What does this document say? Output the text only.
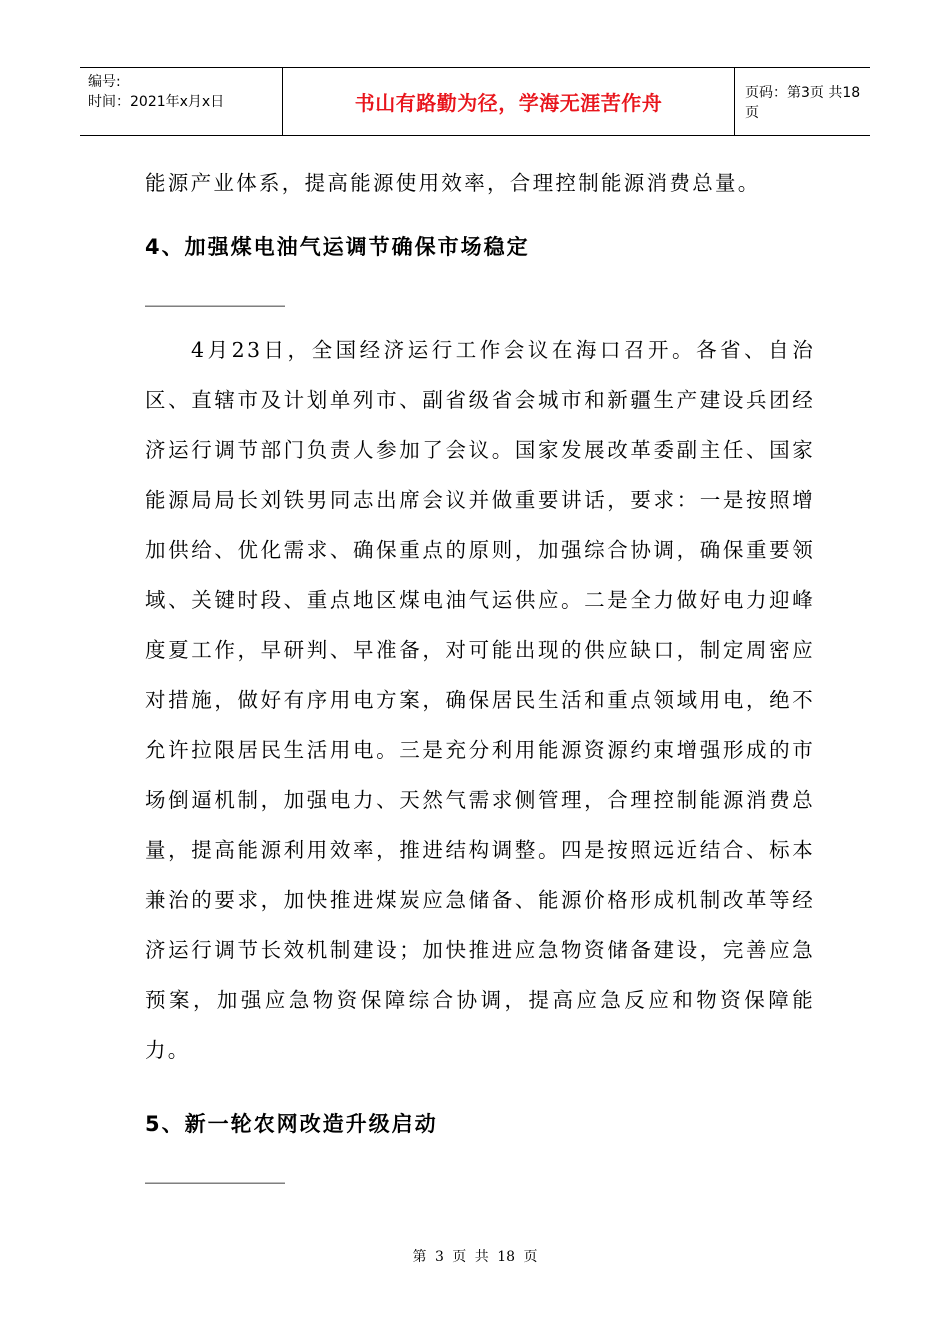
编号:
时间：2021年x月x日	书山有路勤为径，学海无涯苦作舟	页码：第3页 共18页

能源产业体系，提高能源使用效率，合理控制能源消费总量。

4、加强煤电油气运调节确保市场稳定

______________

4月23日，全国经济运行工作会议在海口召开。各省、自治区、直辖市及计划单列市、副省级省会城市和新疆生产建设兵团经济运行调节部门负责人参加了会议。国家发展改革委副主任、国家能源局局长刘铁男同志出席会议并做重要讲话，要求：一是按照增加供给、优化需求、确保重点的原则，加强综合协调，确保重要领域、关键时段、重点地区煤电油气运供应。二是全力做好电力迎峰度夏工作，早研判、早准备，对可能出现的供应缺口，制定周密应对措施，做好有序用电方案，确保居民生活和重点领域用电，绝不允许拉限居民生活用电。三是充分利用能源资源约束增强形成的市场倒逼机制，加强电力、天然气需求侧管理，合理控制能源消费总量，提高能源利用效率，推进结构调整。四是按照远近结合、标本兼治的要求，加快推进煤炭应急储备、能源价格形成机制改革等经济运行调节长效机制建设；加快推进应急物资储备建设，完善应急预案，加强应急物资保障综合协调，提高应急反应和物资保障能力。

5、新一轮农网改造升级启动

______________

第 3 页 共 18 页
